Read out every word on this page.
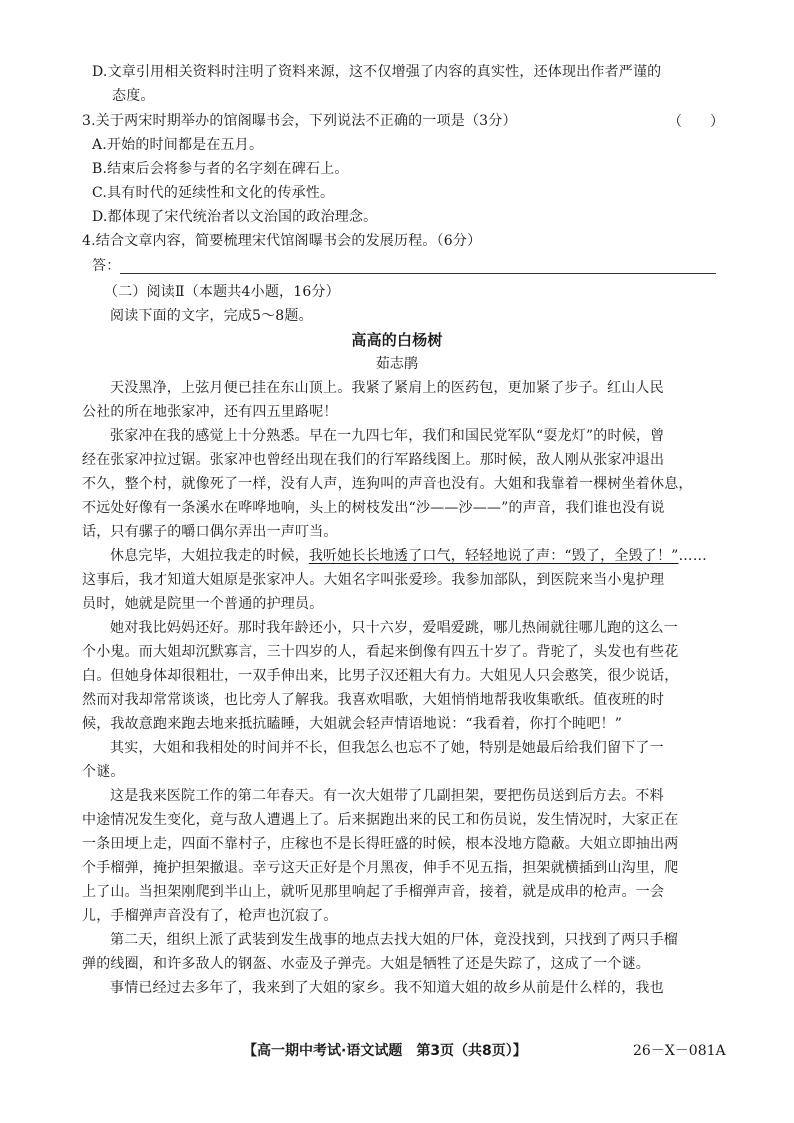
D.文章引用相关资料时注明了资料来源，这不仅增强了内容的真实性，还体现出作者严谨的
态度。
3.关于两宋时期举办的馆阁曝书会，下列说法不正确的一项是（3分）	（　　）
A.开始的时间都是在五月。
B.结束后会将参与者的名字刻在碑石上。
C.具有时代的延续性和文化的传承性。
D.都体现了宋代统治者以文治国的政治理念。
4.结合文章内容，简要梳理宋代馆阁曝书会的发展历程。（6分）
答：
（二）阅读Ⅱ（本题共4小题，16分）
阅读下面的文字，完成5～8题。
高高的白杨树
茹志鹃
天没黑净，上弦月便已挂在东山顶上。我紧了紧肩上的医药包，更加紧了步子。红山人民
公社的所在地张家冲，还有四五里路呢！
张家冲在我的感觉上十分熟悉。早在一九四七年，我们和国民党军队“耍龙灯”的时候，曾
经在张家冲拉过锯。张家冲也曾经出现在我们的行军路线图上。那时候，敌人刚从张家冲退出
不久，整个村，就像死了一样，没有人声，连狗叫的声音也没有。大姐和我靠着一棵树坐着休息，
不远处好像有一条溪水在哗哗地响，头上的树枝发出“沙——沙——”的声音，我们谁也没有说
话，只有骡子的嚼口偶尔弄出一声叮当。
休息完毕，大姐拉我走的时候，我听她长长地透了口气，轻轻地说了声：“毁了，全毁了！”……
这事后，我才知道大姐原是张家冲人。大姐名字叫张爱珍。我参加部队，到医院来当小鬼护理
员时，她就是院里一个普通的护理员。
她对我比妈妈还好。那时我年龄还小，只十六岁，爱唱爱跳，哪儿热闹就往哪儿跑的这么一
个小鬼。而大姐却沉默寡言，三十四岁的人，看起来倒像有四五十岁了。背驼了，头发也有些花
白。但她身体却很粗壮，一双手伸出来，比男子汉还粗大有力。大姐见人只会憨笑，很少说话，
然而对我却常常谈谈，也比旁人了解我。我喜欢唱歌，大姐悄悄地帮我收集歌纸。值夜班的时
候，我故意跑来跑去地来抵抗瞌睡，大姐就会轻声情语地说：“我看着，你打个盹吧！”
其实，大姐和我相处的时间并不长，但我怎么也忘不了她，特别是她最后给我们留下了一
个谜。
这是我来医院工作的第二年春天。有一次大姐带了几副担架，要把伤员送到后方去。不料
中途情况发生变化，竟与敌人遭遇上了。后来据跑出来的民工和伤员说，发生情况时，大家正在
一条田埂上走，四面不靠村子，庄稼也不是长得旺盛的时候，根本没地方隐蔽。大姐立即抽出两
个手榴弹，掩护担架撤退。幸亏这天正好是个月黑夜，伸手不见五指，担架就横插到山沟里，爬
上了山。当担架刚爬到半山上，就听见那里响起了手榴弹声音，接着，就是成串的枪声。一会
儿，手榴弹声音没有了，枪声也沉寂了。
第二天，组织上派了武装到发生战事的地点去找大姐的尸体，竟没找到，只找到了两只手榴
弹的线圈，和许多敌人的钢盔、水壶及子弹壳。大姐是牺牲了还是失踪了，这成了一个谜。
事情已经过去多年了，我来到了大姐的家乡。我不知道大姐的故乡从前是什么样的，我也
【高一期中考试·语文试题　第3页（共8页）】	26－X－081A
